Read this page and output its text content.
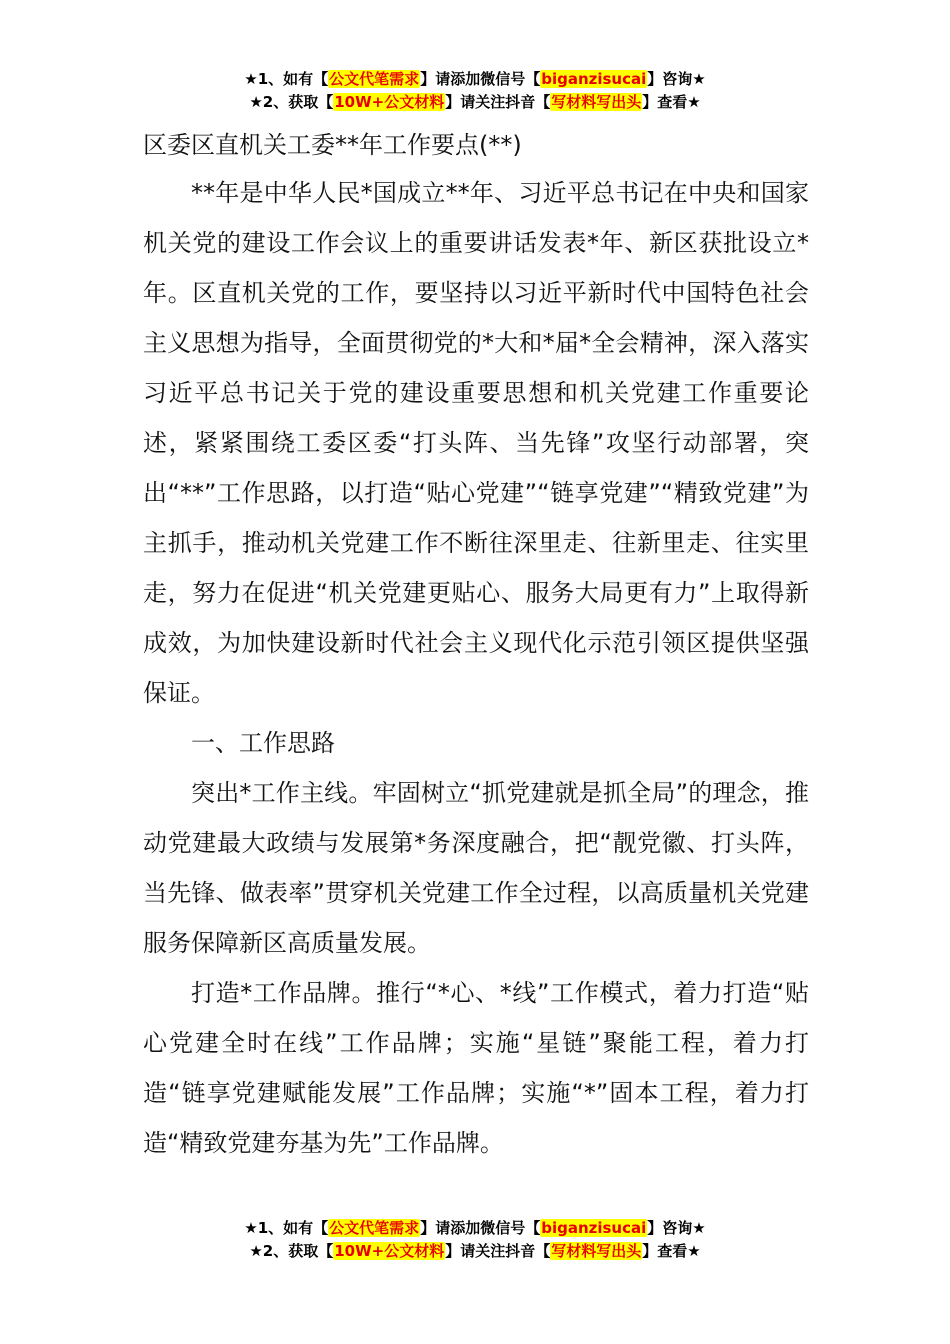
★1、如有【公文代笔需求】请添加微信号【biganzisucai】咨询★
★2、获取【10W+公文材料】请关注抖音【写材料写出头】查看★

区委区直机关工委**年工作要点(**)

**年是中华人民*国成立**年、习近平总书记在中央和国家机关党的建设工作会议上的重要讲话发表*年、新区获批设立*年。区直机关党的工作，要坚持以习近平新时代中国特色社会主义思想为指导，全面贯彻党的*大和*届*全会精神，深入落实习近平总书记关于党的建设重要思想和机关党建工作重要论述，紧紧围绕工委区委“打头阵、当先锋”攻坚行动部署，突出“**”工作思路，以打造“贴心党建”“链享党建”“精致党建”为主抓手，推动机关党建工作不断往深里走、往新里走、往实里走，努力在促进“机关党建更贴心、服务大局更有力”上取得新成效，为加快建设新时代社会主义现代化示范引领区提供坚强保证。

一、工作思路

突出*工作主线。牢固树立“抓党建就是抓全局”的理念，推动党建最大政绩与发展第*务深度融合，把“靓党徽、打头阵，当先锋、做表率”贯穿机关党建工作全过程，以高质量机关党建服务保障新区高质量发展。

打造*工作品牌。推行“*心、*线”工作模式，着力打造“贴心党建全时在线”工作品牌；实施“星链”聚能工程，着力打造“链享党建赋能发展”工作品牌；实施“*”固本工程，着力打造“精致党建夯基为先”工作品牌。

★1、如有【公文代笔需求】请添加微信号【biganzisucai】咨询★
★2、获取【10W+公文材料】请关注抖音【写材料写出头】查看★
